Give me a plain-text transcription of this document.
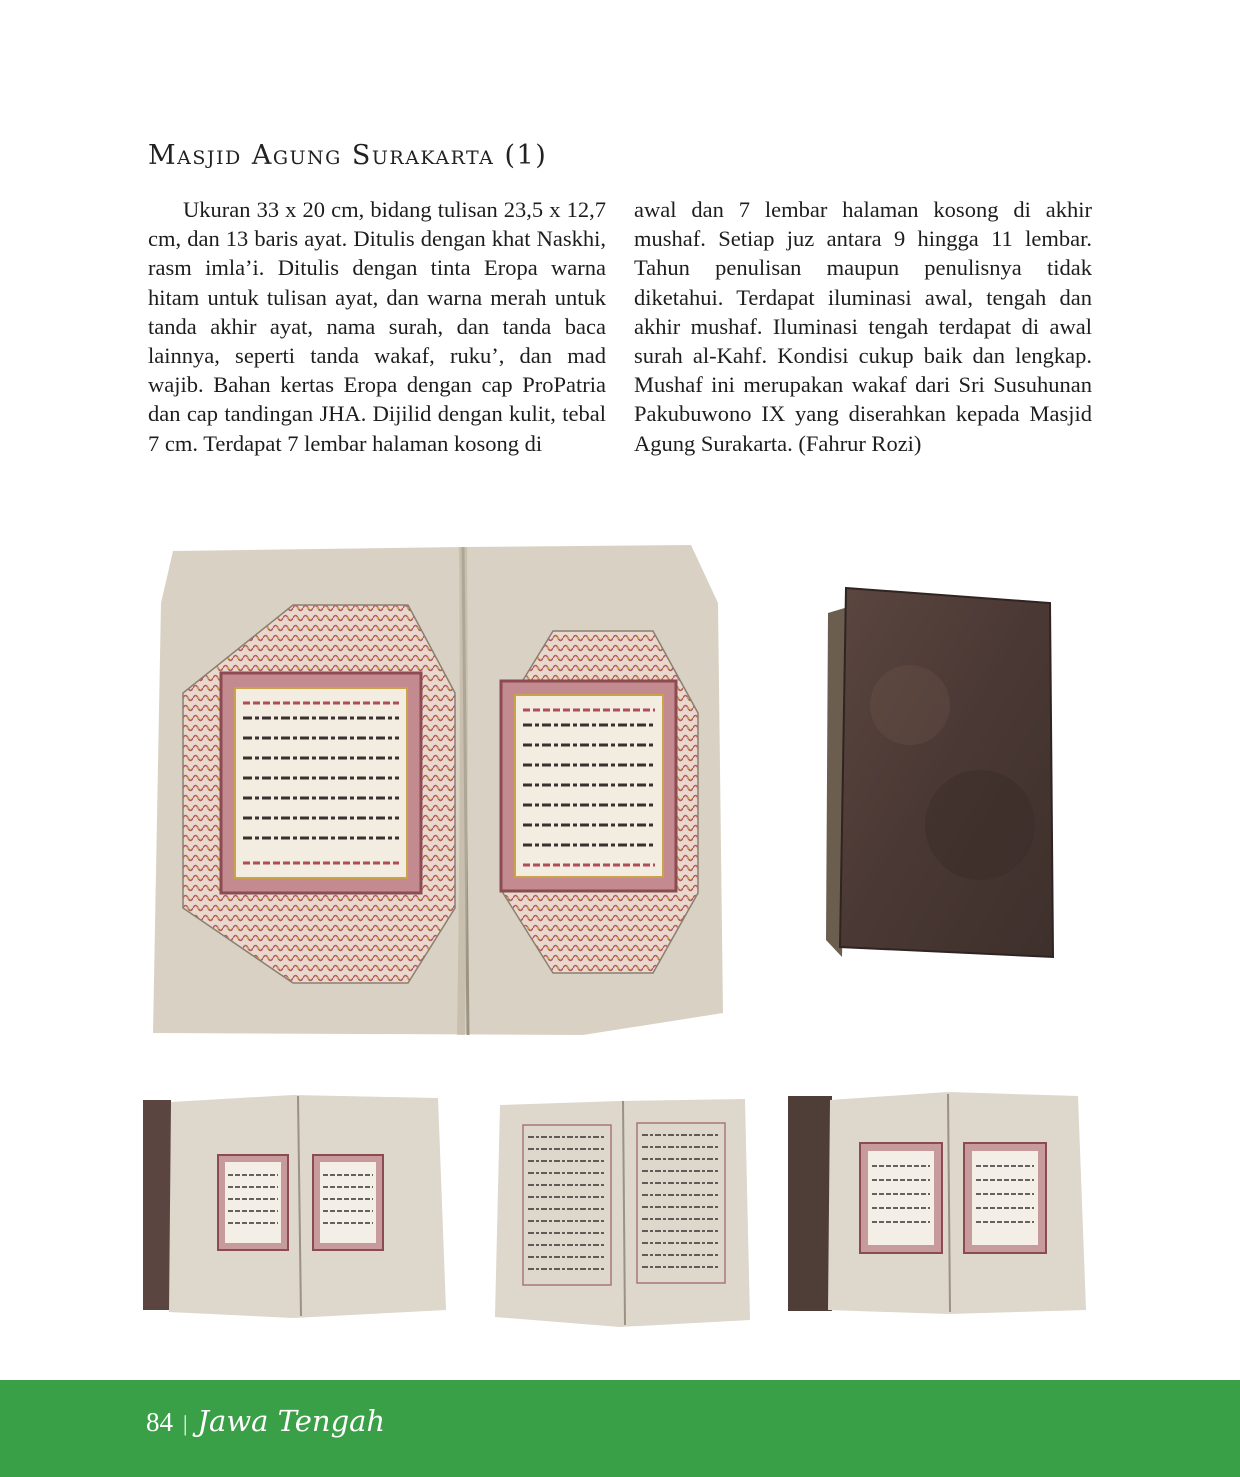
Masjid Agung Surakarta (1)

Ukuran 33 x 20 cm, bidang tulisan 23,5 x 12,7 cm, dan 13 baris ayat. Ditulis dengan khat Naskhi, rasm imla’i. Ditulis dengan tinta Eropa warna hitam untuk tulisan ayat, dan warna merah untuk tanda akhir ayat, nama surah, dan tanda baca lainnya, seperti tanda wakaf, ruku’, dan mad wajib. Bahan kertas Eropa dengan cap ProPatria dan cap tandingan JHA. Dijilid dengan kulit, tebal 7 cm. Terdapat 7 lembar halaman kosong di

awal dan 7 lembar halaman kosong di akhir mushaf. Setiap juz antara 9 hingga 11 lembar. Tahun penulisan maupun penulisnya tidak diketahui. Terdapat iluminasi awal, tengah dan akhir mushaf. Iluminasi tengah terdapat di awal surah al-Kahf. Kondisi cukup baik dan lengkap. Mushaf ini merupakan wakaf dari Sri Susuhunan Pakubuwono IX yang diserahkan kepada Masjid Agung Surakarta. (Fahrur Rozi)

84 | Jawa Tengah
